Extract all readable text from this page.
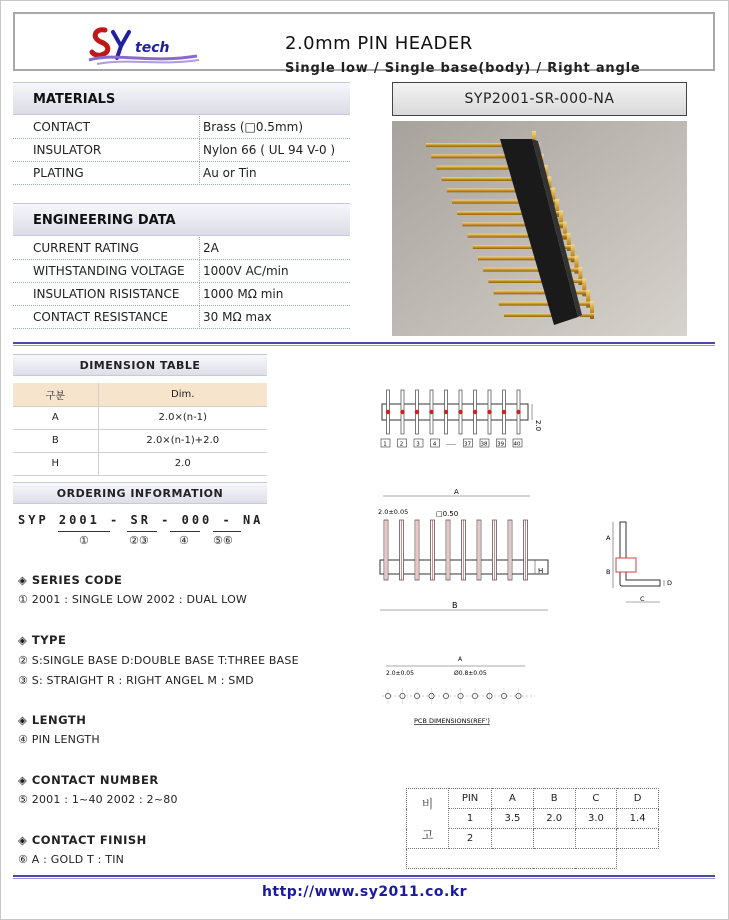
tech	2.0mm PIN HEADER
Single low / Single base(body) / Right angle
MATERIALS
CONTACT	Brass (□0.5mm)
INSULATOR	Nylon 66 ( UL 94 V-0 )
PLATING	Au or Tin
ENGINEERING DATA
CURRENT RATING	2A
WITHSTANDING VOLTAGE	1000V AC/min
INSULATION RISISTANCE	1000 MΩ min
CONTACT RESISTANCE	30 MΩ max
SYP2001-SR-000-NA
DIMENSION TABLE
구분	Dim.
A	2.0×(n-1)
B	2.0×(n-1)+2.0
H	2.0
ORDERING INFORMATION
SYP 2001 - SR - 000 - NA
①	②③	④ ⑤⑥
◈ SERIES CODE
① 2001 : SINGLE LOW 2002 : DUAL LOW
◈ TYPE
② S:SINGLE BASE D:DOUBLE BASE T:THREE BASE
③ S: STRAIGHT R : RIGHT ANGEL M : SMD
◈ LENGTH
④ PIN LENGTH
◈ CONTACT NUMBER
⑤ 2001 : 1~40 2002 : 2~80
◈ CONTACT FINISH
⑥ A : GOLD T : TIN
2.0
1 2 3 4 ----- 37 38 39 40
A
2.0±0.05	□0.50
H
B
A
B
C
D
A
2.0±0.05	Ø0.8±0.05
PCB DIMENSIONS(REF')
비

고	PIN	A	B	C	D
	1	3.5	2.0	3.0	1.4
	2				

http://www.sy2011.co.kr
